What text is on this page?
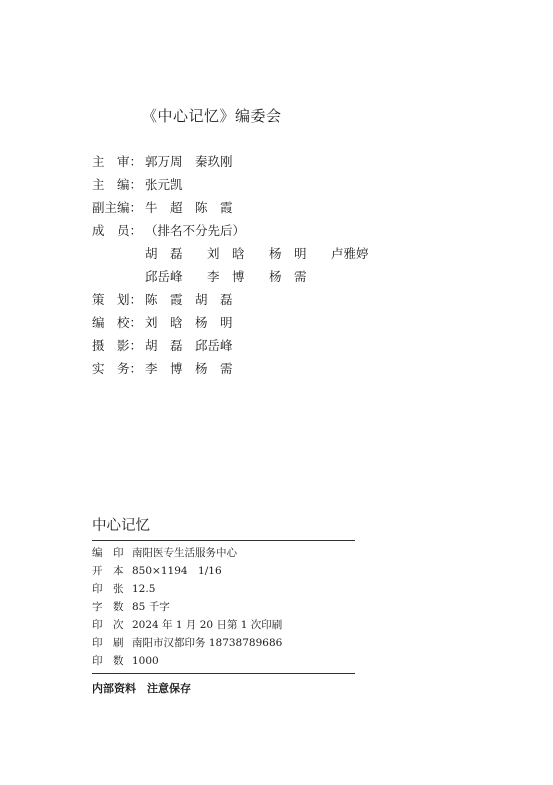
《中心记忆》编委会
主　审： 郭万周　秦玖刚
主　编： 张元凯
副主编： 牛　超　陈　霞
成　员： （排名不分先后）
胡　磊 刘　晗 杨　明 卢雅婷
邱岳峰 李　博 杨　需
策　划： 陈　霞　胡　磊
编　校： 刘　晗　杨　明
摄　影： 胡　磊　邱岳峰
实　务： 李　博　杨　需
中心记忆
编　印 南阳医专生活服务中心
开　本 850×1194　1/16
印　张 12.5
字　数 85 千字
印　次 2024 年 1 月 20 日第 1 次印刷
印　刷 南阳市汉都印务 18738789686
印　数 1000
内部资料　注意保存
